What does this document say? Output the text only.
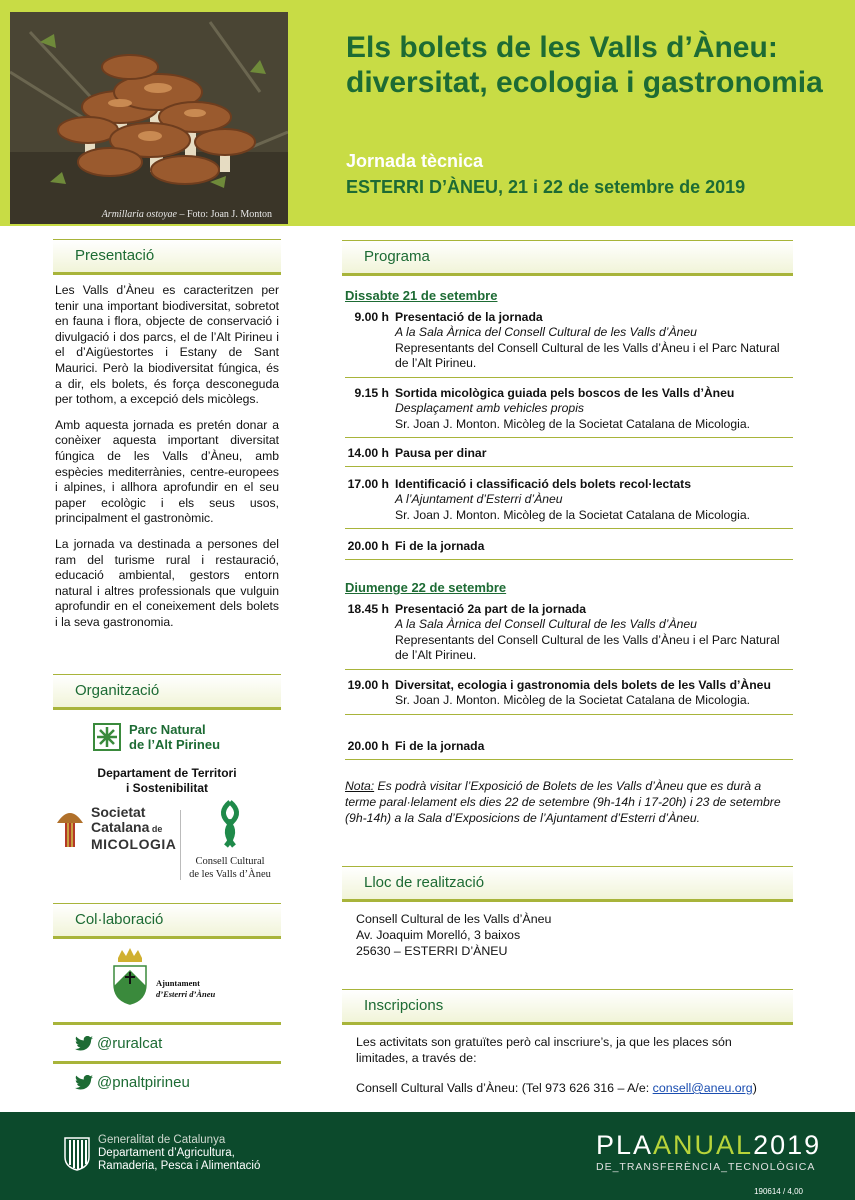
Armillaria ostoyae – Foto: Joan J. Monton
Els bolets de les Valls d’Àneu: diversitat, ecologia i gastronomia
Jornada tècnica
ESTERRI D’ÀNEU, 21 i 22 de setembre de 2019
Presentació

Les Valls d’Àneu es caracteritzen per tenir una important biodiversitat, sobretot en fauna i flora, objecte de conservació i divulgació i dos parcs, el de l’Alt Pirineu i el d’Aigüestortes i Estany de Sant Maurici. Però la biodiversitat fúngica, és a dir, els bolets, és força desconeguda per tothom, a excepció dels micòlegs.

Amb aquesta jornada es pretén donar a conèixer aquesta important diversitat fúngica de les Valls d’Àneu, amb espècies mediterrànies, centre-europees i alpines, i allhora aprofundir en el seu paper ecològic i els seus usos, principalment el gastronòmic.

La jornada va destinada a persones del ram del turisme rural i restauració, educació ambiental, gestors entorn natural i altres professionals que vulguin aprofundir en el coneixement dels bolets i la seva gastronomia.

Organització
Parc Natural
de l’Alt Pirineu
Departament de Territori
i Sostenibilitat
Societat
Catalana de
MICOLOGIA
Consell Cultural
de les Valls d’Àneu
Col·laboració
Ajuntament
d’Esterri d’Àneu
@ruralcat
@pnaltpirineu
Programa
Dissabte 21 de setembre
9.00 h Presentació de la jornada
A la Sala Àrnica del Consell Cultural de les Valls d’Àneu
Representants del Consell Cultural de les Valls d’Àneu i el Parc Natural de l’Alt Pirineu.
9.15 h Sortida micològica guiada pels boscos de les Valls d’Àneu
Desplaçament amb vehicles propis
Sr. Joan J. Monton. Micòleg de la Societat Catalana de Micologia.
14.00 h Pausa per dinar
17.00 h Identificació i classificació dels bolets recol·lectats
A l’Ajuntament d’Esterri d’Àneu
Sr. Joan J. Monton. Micòleg de la Societat Catalana de Micologia.
20.00 h Fi de la jornada
Diumenge 22 de setembre
18.45 h Presentació 2a part de la jornada
A la Sala Àrnica del Consell Cultural de les Valls d’Àneu
Representants del Consell Cultural de les Valls d’Àneu i el Parc Natural de l’Alt Pirineu.
19.00 h Diversitat, ecologia i gastronomia dels bolets de les Valls d’Àneu
Sr. Joan J. Monton. Micòleg de la Societat Catalana de Micologia.
20.00 h Fi de la jornada
Nota: Es podrà visitar l’Exposició de Bolets de les Valls d’Àneu que es durà a terme paral·lelament els dies 22 de setembre (9h-14h i 17-20h) i 23 de setembre (9h-14h) a la Sala d’Exposicions de l’Ajuntament d’Esterri d’Àneu.
Lloc de realització
Consell Cultural de les Valls d’Àneu
Av. Joaquim Morelló, 3 baixos
25630 – ESTERRI D’ÀNEU
Inscripcions
Les activitats son gratuïtes però cal inscriure’s, ja que les places són limitades, a través de:
Consell Cultural Valls d’Àneu: (Tel 973 626 316 – A/e: consell@aneu.org)
Generalitat de Catalunya
Departament d’Agricultura,
Ramaderia, Pesca i Alimentació
PLAANUAL2019
DE_TRANSFERÈNCIA_TECNOLÒGICA
190614 / 4,00
